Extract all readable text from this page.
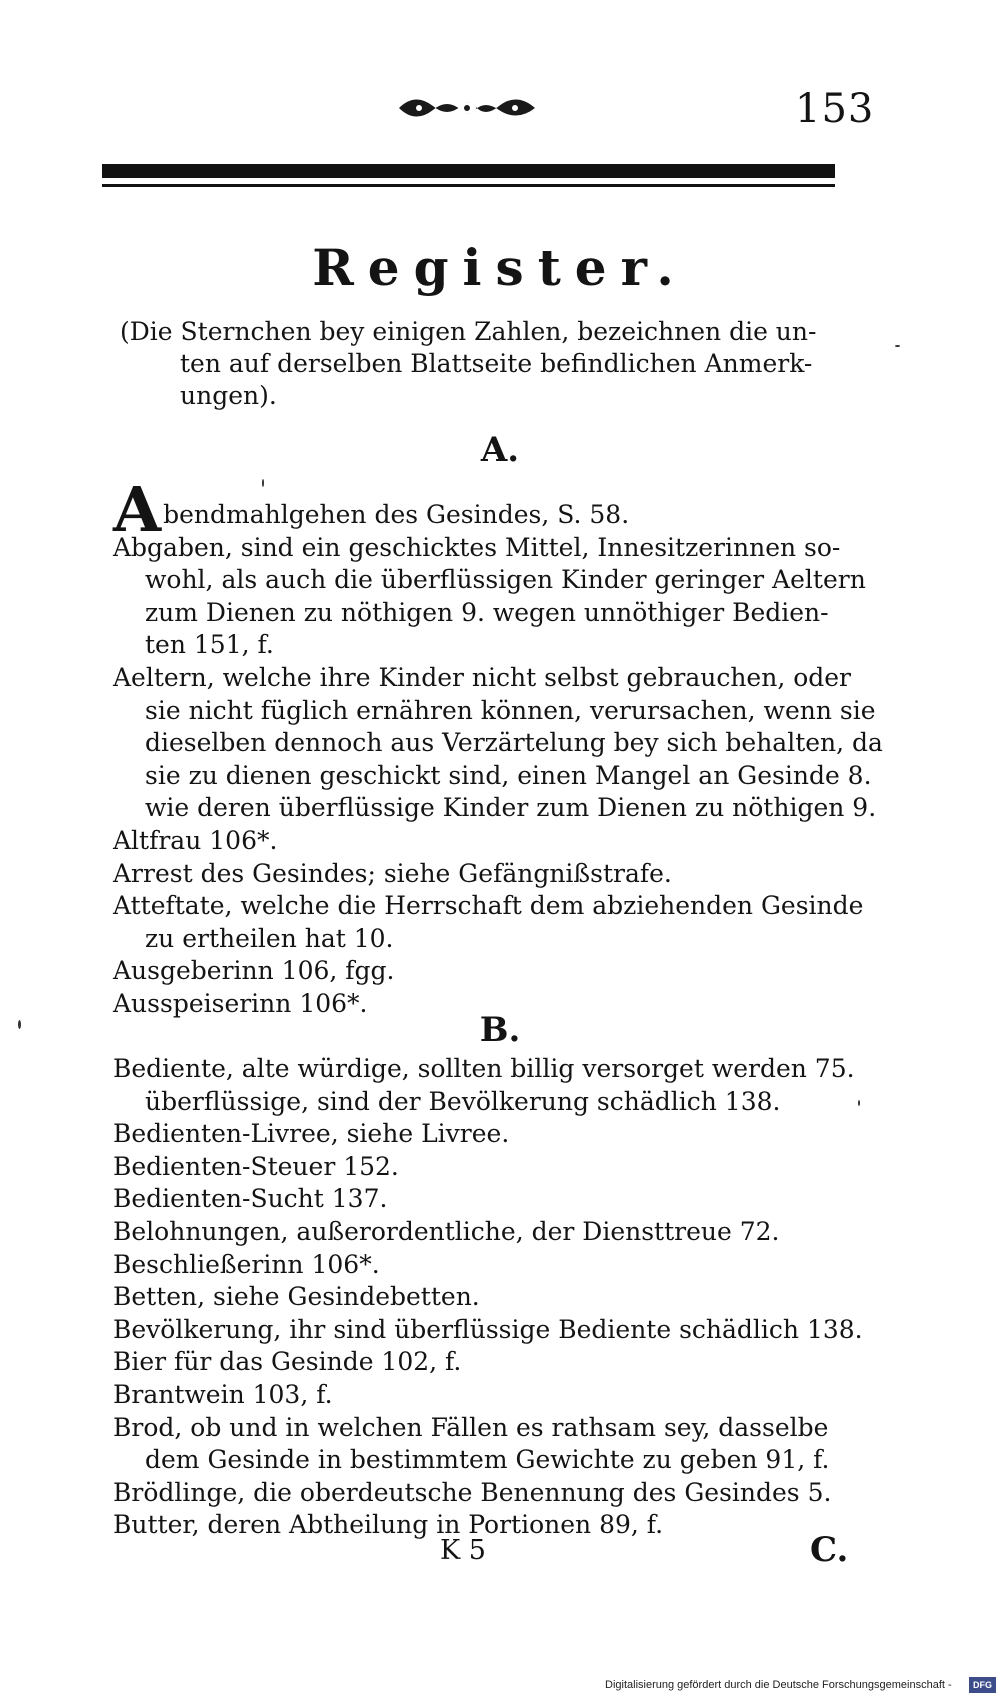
153
Register.
(Die Sternchen bey einigen Zahlen, bezeichnen die un-
ten auf derselben Blattseite befindlichen Anmerk-
ungen).
A.

Abendmahlgehen des Gesindes, S. 58.

Abgaben, sind ein geschicktes Mittel, Innesitzerinnen so-
wohl, als auch die überflüssigen Kinder geringer Aeltern
zum Dienen zu nöthigen 9. wegen unnöthiger Bedien-
ten 151, f.

Aeltern, welche ihre Kinder nicht selbst gebrauchen, oder
sie nicht füglich ernähren können, verursachen, wenn sie
dieselben dennoch aus Verzärtelung bey sich behalten, da
sie zu dienen geschickt sind, einen Mangel an Gesinde 8.
wie deren überflüssige Kinder zum Dienen zu nöthigen 9.

Altfrau 106*.

Arrest des Gesindes; siehe Gefängnißstrafe.

Atteftate, welche die Herrschaft dem abziehenden Gesinde
zu ertheilen hat 10.

Ausgeberinn 106, fgg.

Ausspeiserinn 106*.

B.

Bediente, alte würdige, sollten billig versorget werden 75.
überflüssige, sind der Bevölkerung schädlich 138.

Bedienten-Livree, siehe Livree.

Bedienten-Steuer 152.

Bedienten-Sucht 137.

Belohnungen, außerordentliche, der Diensttreue 72.

Beschließerinn 106*.

Betten, siehe Gesindebetten.

Bevölkerung, ihr sind überflüssige Bediente schädlich 138.

Bier für das Gesinde 102, f.

Brantwein 103, f.

Brod, ob und in welchen Fällen es rathsam sey, dasselbe
dem Gesinde in bestimmtem Gewichte zu geben 91, f.

Brödlinge, die oberdeutsche Benennung des Gesindes 5.

Butter, deren Abtheilung in Portionen 89, f.

K 5	C.
Digitalisierung gefördert durch die Deutsche Forschungsgemeinschaft -	DFG
